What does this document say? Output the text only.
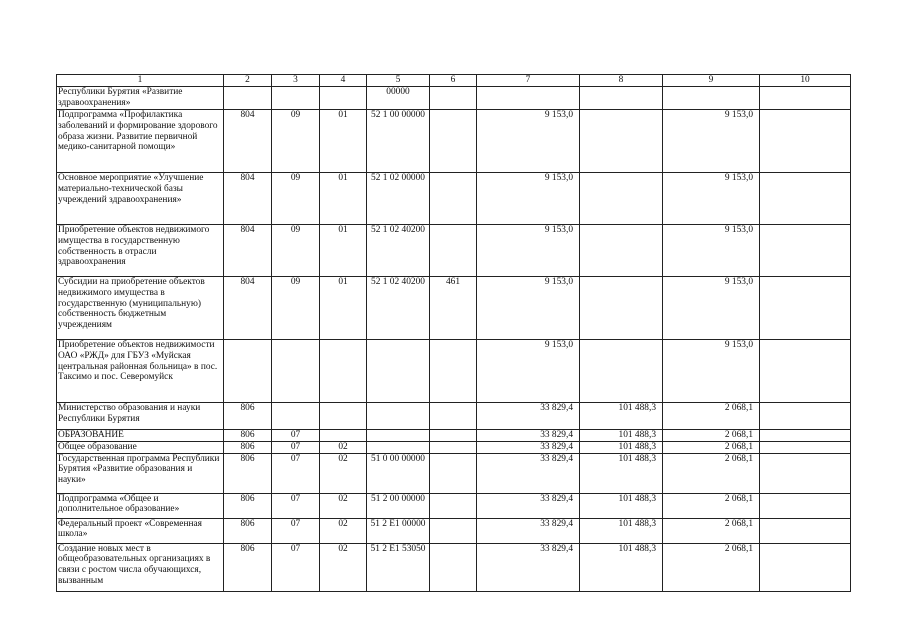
1	2	3	4	5	6	7	8	9	10
Республики Бурятия «Развитие здравоохранения»				00000					
Подпрограмма «Профилактика заболеваний и формирование здорового образа жизни. Развитие первичной медико-санитарной помощи»	804	09	01	52 1 00 00000		9 153,0		9 153,0	
Основное мероприятие «Улучшение материально-технической базы учреждений здравоохранения»	804	09	01	52 1 02 00000		9 153,0		9 153,0	
Приобретение объектов недвижимого имущества в государственную собственность в отрасли здравоохранения	804	09	01	52 1 02 40200		9 153,0		9 153,0	
Субсидии на приобретение объектов недвижимого имущества в государственную (муниципальную) собственность бюджетным учреждениям	804	09	01	52 1 02 40200	461	9 153,0		9 153,0	
Приобретение объектов недвижимости ОАО «РЖД» для ГБУЗ «Муйская центральная районная больница» в пос. Таксимо и пос. Северомуйск						9 153,0		9 153,0	
Министерство образования и науки Республики Бурятия	806					33 829,4	101 488,3	2 068,1	
ОБРАЗОВАНИЕ	806	07				33 829,4	101 488,3	2 068,1	
Общее образование	806	07	02			33 829,4	101 488,3	2 068,1	
Государственная программа Республики Бурятия «Развитие образования и науки»	806	07	02	51 0 00 00000		33 829,4	101 488,3	2 068,1	
Подпрограмма «Общее и дополнительное образование»	806	07	02	51 2 00 00000		33 829,4	101 488,3	2 068,1	
Федеральный проект «Современная школа»	806	07	02	51 2 E1 00000		33 829,4	101 488,3	2 068,1	
Создание новых мест в общеобразовательных организациях в связи с ростом числа обучающихся, вызванным	806	07	02	51 2 E1 53050		33 829,4	101 488,3	2 068,1	
